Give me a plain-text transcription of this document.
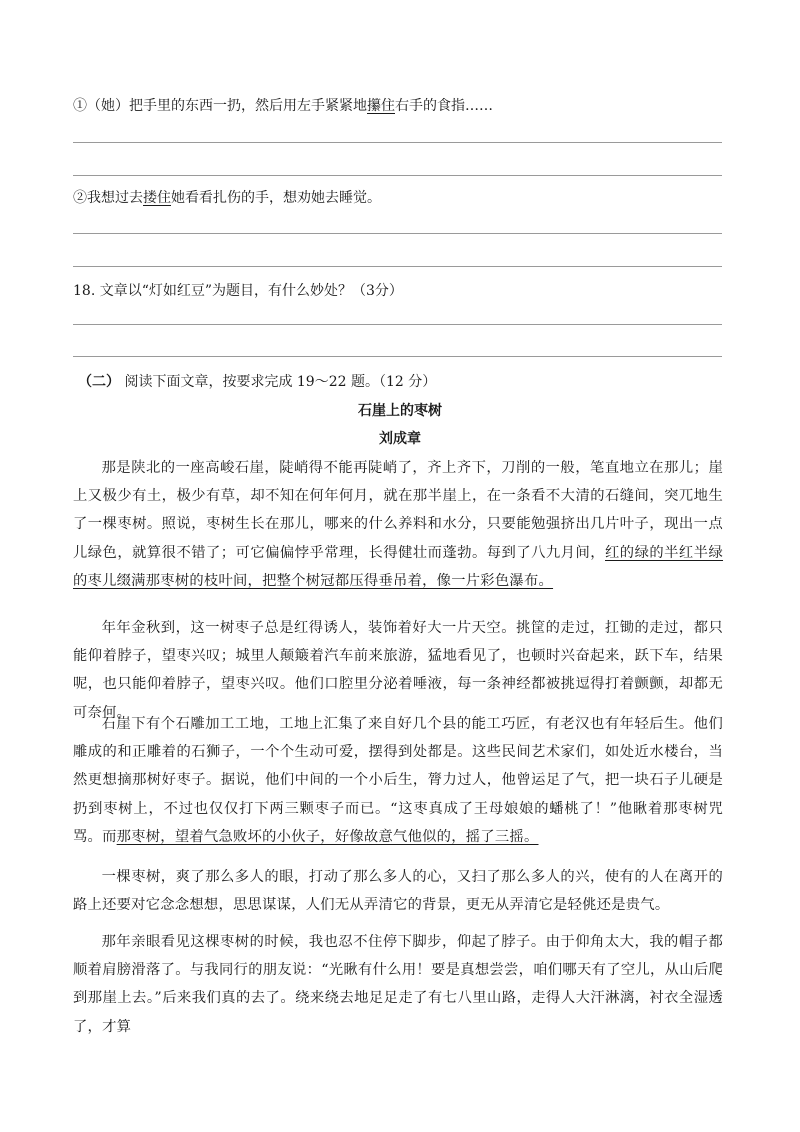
①（她）把手里的东西一扔，然后用左手紧紧地攥住右手的食指……
②我想过去搂住她看看扎伤的手，想劝她去睡觉。
18. 文章以“灯如红豆”为题目，有什么妙处？（3分）
（二） 阅读下面文章，按要求完成 19～22 题。（12 分）
石崖上的枣树
刘成章

那是陕北的一座高峻石崖，陡峭得不能再陡峭了，齐上齐下，刀削的一般，笔直地立在那儿；崖上又极少有土，极少有草，却不知在何年何月，就在那半崖上，在一条看不大清的石缝间，突兀地生了一棵枣树。照说，枣树生长在那儿，哪来的什么养料和水分，只要能勉强挤出几片叶子，现出一点儿绿色，就算很不错了；可它偏偏悖乎常理，长得健壮而蓬勃。每到了八九月间，红的绿的半红半绿的枣儿缀满那枣树的枝叶间，把整个树冠都压得垂吊着，像一片彩色瀑布。

年年金秋到，这一树枣子总是红得诱人，装饰着好大一片天空。挑筐的走过，扛锄的走过，都只能仰着脖子，望枣兴叹；城里人颠簸着汽车前来旅游，猛地看见了，也顿时兴奋起来，跃下车，结果呢，也只能仰着脖子，望枣兴叹。他们口腔里分泌着唾液，每一条神经都被挑逗得打着颤颤，却都无可奈何。

石崖下有个石雕加工工地，工地上汇集了来自好几个县的能工巧匠，有老汉也有年轻后生。他们雕成的和正雕着的石狮子，一个个生动可爱，摆得到处都是。这些民间艺术家们，如处近水楼台，当然更想摘那树好枣子。据说，他们中间的一个小后生，膂力过人，他曾运足了气，把一块石子儿硬是扔到枣树上，不过也仅仅打下两三颗枣子而已。“这枣真成了王母娘娘的蟠桃了！”他瞅着那枣树咒骂。而那枣树，望着气急败坏的小伙子，好像故意气他似的，摇了三摇。

一棵枣树，爽了那么多人的眼，打动了那么多人的心，又扫了那么多人的兴，使有的人在离开的路上还要对它念念想想，思思谋谋，人们无从弄清它的背景，更无从弄清它是轻佻还是贵气。

那年亲眼看见这棵枣树的时候，我也忍不住停下脚步，仰起了脖子。由于仰角太大，我的帽子都顺着肩膀滑落了。与我同行的朋友说：“光瞅有什么用！要是真想尝尝，咱们哪天有了空儿，从山后爬到那崖上去。”后来我们真的去了。绕来绕去地足足走了有七八里山路，走得人大汗淋漓，衬衣全湿透了，才算
